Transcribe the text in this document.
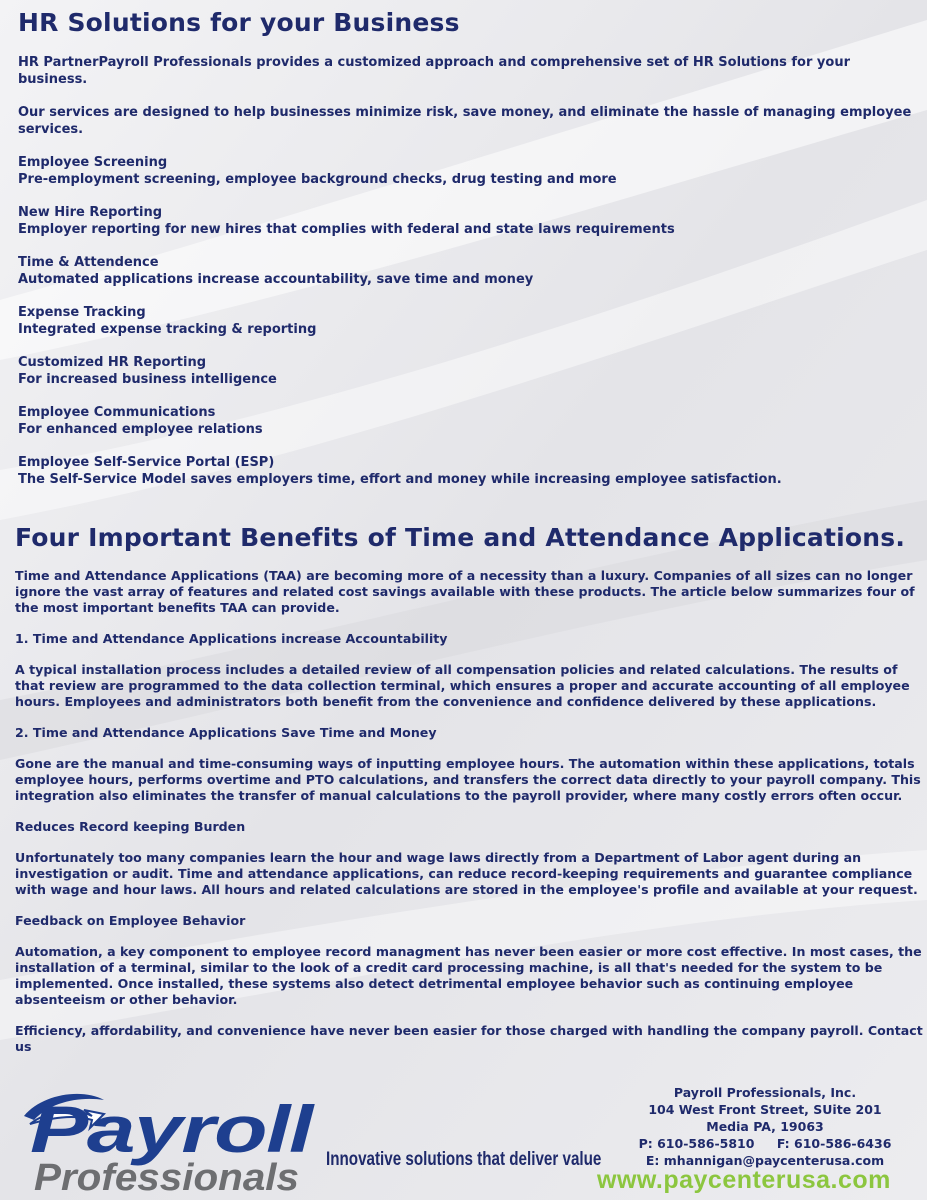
HR Solutions for your Business

HR PartnerPayroll Professionals provides a customized approach and comprehensive set of HR Solutions for your business.

Our services are designed to help businesses minimize risk, save money, and eliminate the hassle of managing employee services.

Employee Screening
Pre-employment screening, employee background checks, drug testing and more
New Hire Reporting
Employer reporting for new hires that complies with federal and state laws requirements
Time & Attendence
Automated applications increase accountability, save time and money
Expense Tracking
Integrated expense tracking & reporting
Customized HR Reporting
For increased business intelligence
Employee Communications
For enhanced employee relations
Employee Self-Service Portal (ESP)
The Self-Service Model saves employers time, effort and money while increasing employee satisfaction.
Four Important Benefits of Time and Attendance Applications.

Time and Attendance Applications (TAA) are becoming more of a necessity than a luxury. Companies of all sizes can no longer ignore the vast array of features and related cost savings available with these products. The article below summarizes four of the most important benefits TAA can provide.

1. Time and Attendance Applications increase Accountability

A typical installation process includes a detailed review of all compensation policies and related calculations. The results of that review are programmed to the data collection terminal, which ensures a proper and accurate accounting of all employee hours. Employees and administrators both benefit from the convenience and confidence delivered by these applications.

2. Time and Attendance Applications Save Time and Money

Gone are the manual and time-consuming ways of inputting employee hours. The automation within these applications, totals employee hours, performs overtime and PTO calculations, and transfers the correct data directly to your payroll company. This integration also eliminates the transfer of manual calculations to the payroll provider, where many costly errors often occur.

Reduces Record keeping Burden

Unfortunately too many companies learn the hour and wage laws directly from a Department of Labor agent during an investigation or audit. Time and attendance applications, can reduce record-keeping requirements and guarantee compliance with wage and hour laws. All hours and related calculations are stored in the employee's profile and available at your request.

Feedback on Employee Behavior

Automation, a key component to employee record managment has never been easier or more cost effective. In most cases, the installation of a terminal, similar to the look of a credit card processing machine, is all that's needed for the system to be implemented. Once installed, these systems also detect detrimental employee behavior such as continuing employee absenteeism or other behavior.

Efficiency, affordability, and convenience have never been easier for those charged with handling the company payroll. Contact us

Payroll
Professionals Innovative solutions that deliver value
Payroll Professionals, Inc.
104 West Front Street, SUite 201
Media PA, 19063
P: 610-586-5810 F: 610-586-6436
E: mhannigan@paycenterusa.com
www.paycenterusa.com
